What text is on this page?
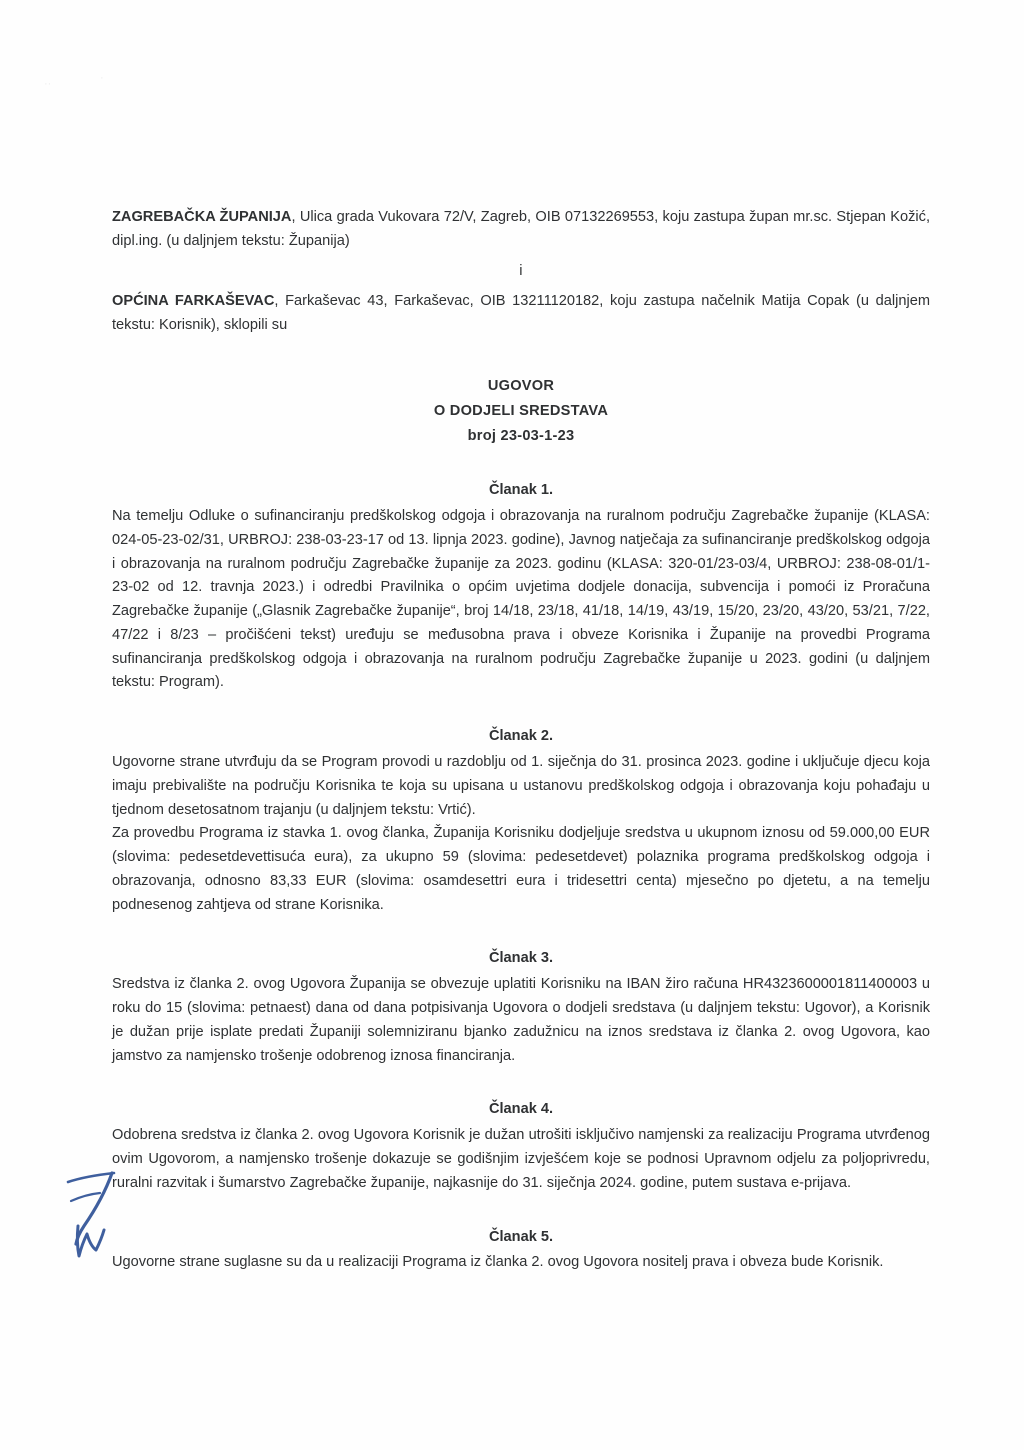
··	·

ZAGREBAČKA ŽUPANIJA, Ulica grada Vukovara 72/V, Zagreb, OIB 07132269553, koju zastupa župan mr.sc. Stjepan Kožić, dipl.ing. (u daljnjem tekstu: Županija)

i

OPĆINA FARKAŠEVAC, Farkaševac 43, Farkaševac, OIB 13211120182, koju zastupa načelnik Matija Copak (u daljnjem tekstu: Korisnik), sklopili su

UGOVOR
O DODJELI SREDSTAVA
broj 23-03-1-23
Članak 1.

Na temelju Odluke o sufinanciranju predškolskog odgoja i obrazovanja na ruralnom području Zagrebačke županije (KLASA: 024-05-23-02/31, URBROJ: 238-03-23-17 od 13. lipnja 2023. godine), Javnog natječaja za sufinanciranje predškolskog odgoja i obrazovanja na ruralnom području Zagrebačke županije za 2023. godinu (KLASA: 320-01/23-03/4, URBROJ: 238-08-01/1-23-02 od 12. travnja 2023.) i odredbi Pravilnika o općim uvjetima dodjele donacija, subvencija i pomoći iz Proračuna Zagrebačke županije („Glasnik Zagrebačke županije“, broj 14/18, 23/18, 41/18, 14/19, 43/19, 15/20, 23/20, 43/20, 53/21, 7/22, 47/22 i 8/23 – pročišćeni tekst) uređuju se međusobna prava i obveze Korisnika i Županije na provedbi Programa sufinanciranja predškolskog odgoja i obrazovanja na ruralnom području Zagrebačke županije u 2023. godini (u daljnjem tekstu: Program).

Članak 2.

Ugovorne strane utvrđuju da se Program provodi u razdoblju od 1. siječnja do 31. prosinca 2023. godine i uključuje djecu koja imaju prebivalište na području Korisnika te koja su upisana u ustanovu predškolskog odgoja i obrazovanja koju pohađaju u tjednom desetosatnom trajanju (u daljnjem tekstu: Vrtić).

Za provedbu Programa iz stavka 1. ovog članka, Županija Korisniku dodjeljuje sredstva u ukupnom iznosu od 59.000,00 EUR (slovima: pedesetdevettisuća eura), za ukupno 59 (slovima: pedesetdevet) polaznika programa predškolskog odgoja i obrazovanja, odnosno 83,33 EUR (slovima: osamdesettri eura i tridesettri centa) mjesečno po djetetu, a na temelju podnesenog zahtjeva od strane Korisnika.

Članak 3.

Sredstva iz članka 2. ovog Ugovora Županija se obvezuje uplatiti Korisniku na IBAN žiro računa HR4323600001811400003 u roku do 15 (slovima: petnaest) dana od dana potpisivanja Ugovora o dodjeli sredstava (u daljnjem tekstu: Ugovor), a Korisnik je dužan prije isplate predati Županiji solemniziranu bjanko zadužnicu na iznos sredstava iz članka 2. ovog Ugovora, kao jamstvo za namjensko trošenje odobrenog iznosa financiranja.

Članak 4.

Odobrena sredstva iz članka 2. ovog Ugovora Korisnik je dužan utrošiti isključivo namjenski za realizaciju Programa utvrđenog ovim Ugovorom, a namjensko trošenje dokazuje se godišnjim izvješćem koje se podnosi Upravnom odjelu za poljoprivredu, ruralni razvitak i šumarstvo Zagrebačke županije, najkasnije do 31. siječnja 2024. godine, putem sustava e-prijava.

Članak 5.

Ugovorne strane suglasne su da u realizaciji Programa iz članka 2. ovog Ugovora nositelj prava i obveza bude Korisnik.
